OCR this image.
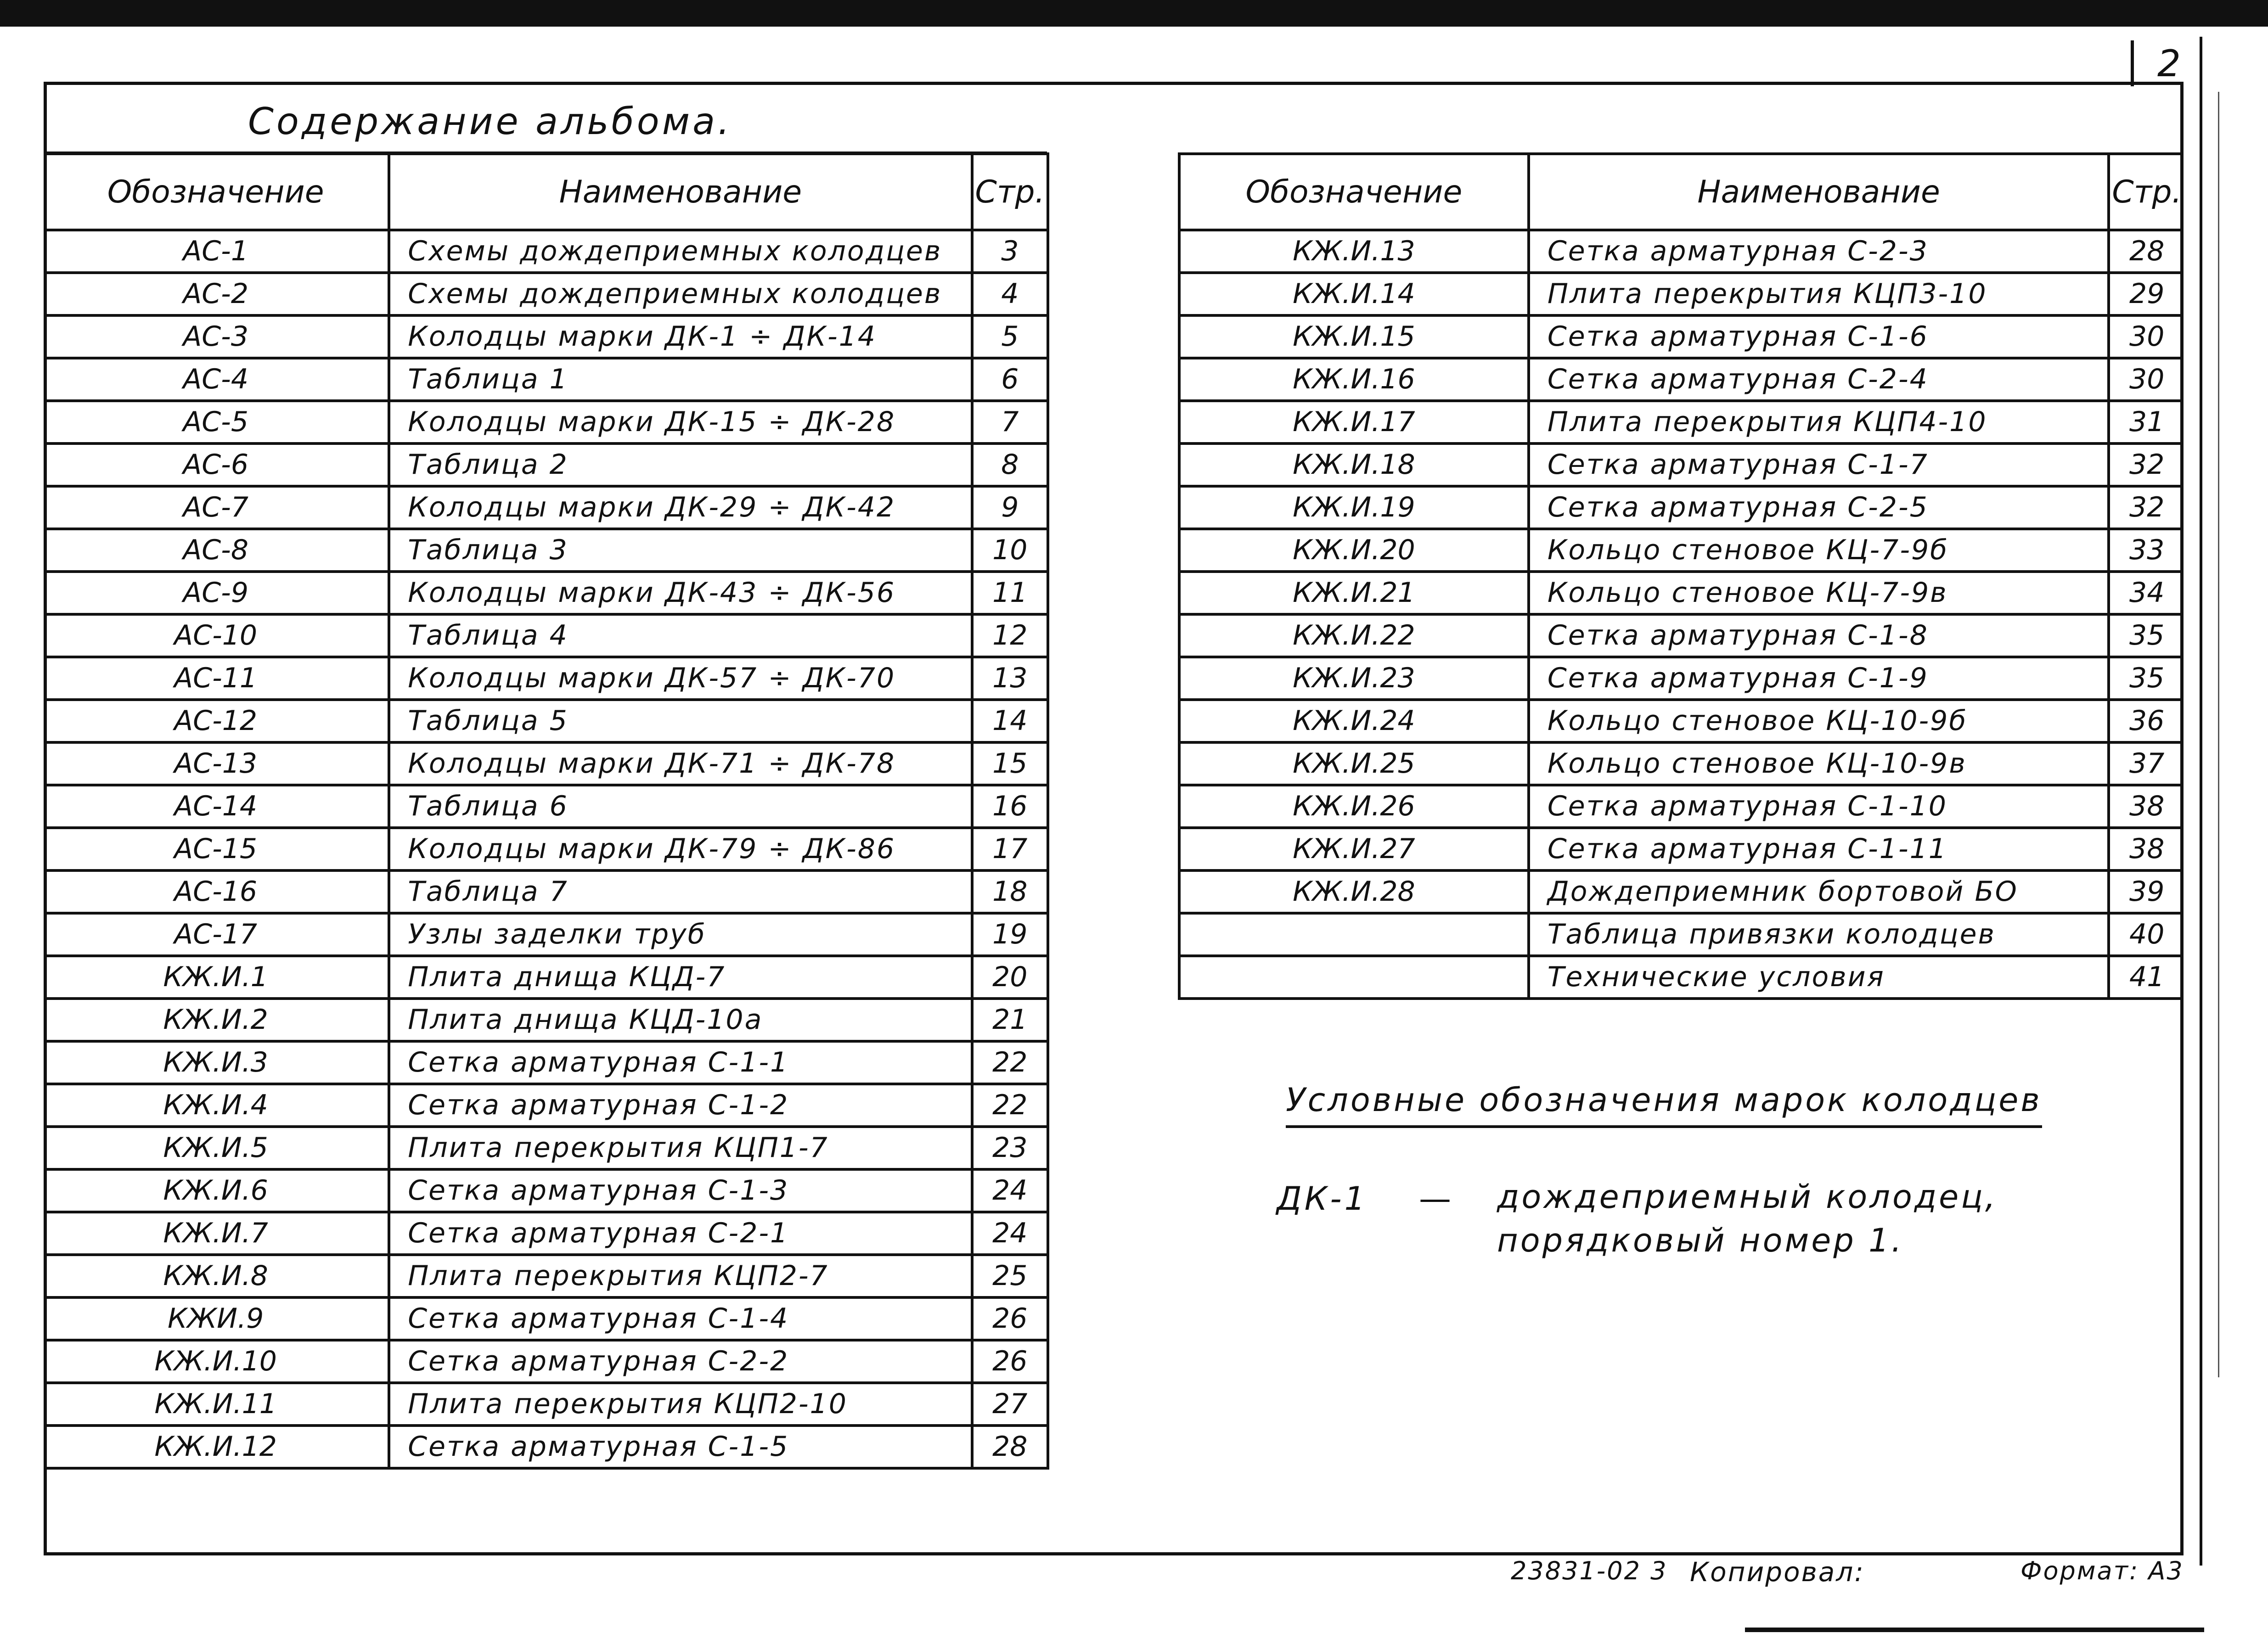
2
Содержание альбома.
Обозначение	Наименование	Стр.
АС-1	Схемы дождеприемных колодцев	3
АС-2	Схемы дождеприемных колодцев	4
АС-3	Колодцы марки ДК-1 ÷ ДК-14	5
АС-4	Таблица 1	6
АС-5	Колодцы марки ДК-15 ÷ ДК-28	7
АС-6	Таблица 2	8
АС-7	Колодцы марки ДК-29 ÷ ДК-42	9
АС-8	Таблица 3	10
АС-9	Колодцы марки ДК-43 ÷ ДК-56	11
АС-10	Таблица 4	12
АС-11	Колодцы марки ДК-57 ÷ ДК-70	13
АС-12	Таблица 5	14
АС-13	Колодцы марки ДК-71 ÷ ДК-78	15
АС-14	Таблица 6	16
АС-15	Колодцы марки ДК-79 ÷ ДК-86	17
АС-16	Таблица 7	18
АС-17	Узлы заделки труб	19
КЖ.И.1	Плита днища КЦД-7	20
КЖ.И.2	Плита днища КЦД-10а	21
КЖ.И.3	Сетка арматурная С-1-1	22
КЖ.И.4	Сетка арматурная С-1-2	22
КЖ.И.5	Плита перекрытия КЦП1-7	23
КЖ.И.6	Сетка арматурная С-1-3	24
КЖ.И.7	Сетка арматурная С-2-1	24
КЖ.И.8	Плита перекрытия КЦП2-7	25
КЖИ.9	Сетка арматурная С-1-4	26
КЖ.И.10	Сетка арматурная С-2-2	26
КЖ.И.11	Плита перекрытия КЦП2-10	27
КЖ.И.12	Сетка арматурная С-1-5	28
Обозначение	Наименование	Стр.
КЖ.И.13	Сетка арматурная С-2-3	28
КЖ.И.14	Плита перекрытия КЦП3-10	29
КЖ.И.15	Сетка арматурная С-1-6	30
КЖ.И.16	Сетка арматурная С-2-4	30
КЖ.И.17	Плита перекрытия КЦП4-10	31
КЖ.И.18	Сетка арматурная С-1-7	32
КЖ.И.19	Сетка арматурная С-2-5	32
КЖ.И.20	Кольцо стеновое КЦ-7-9б	33
КЖ.И.21	Кольцо стеновое КЦ-7-9в	34
КЖ.И.22	Сетка арматурная С-1-8	35
КЖ.И.23	Сетка арматурная С-1-9	35
КЖ.И.24	Кольцо стеновое КЦ-10-9б	36
КЖ.И.25	Кольцо стеновое КЦ-10-9в	37
КЖ.И.26	Сетка арматурная С-1-10	38
КЖ.И.27	Сетка арматурная С-1-11	38
КЖ.И.28	Дождеприемник бортовой БО	39
	Таблица привязки колодцев	40
	Технические условия	41
Условные обозначения марок колодцев
ДК-1 — дождеприемный колодец,
порядковый номер 1.
23831-02 3 Копировал:	Формат: А3
